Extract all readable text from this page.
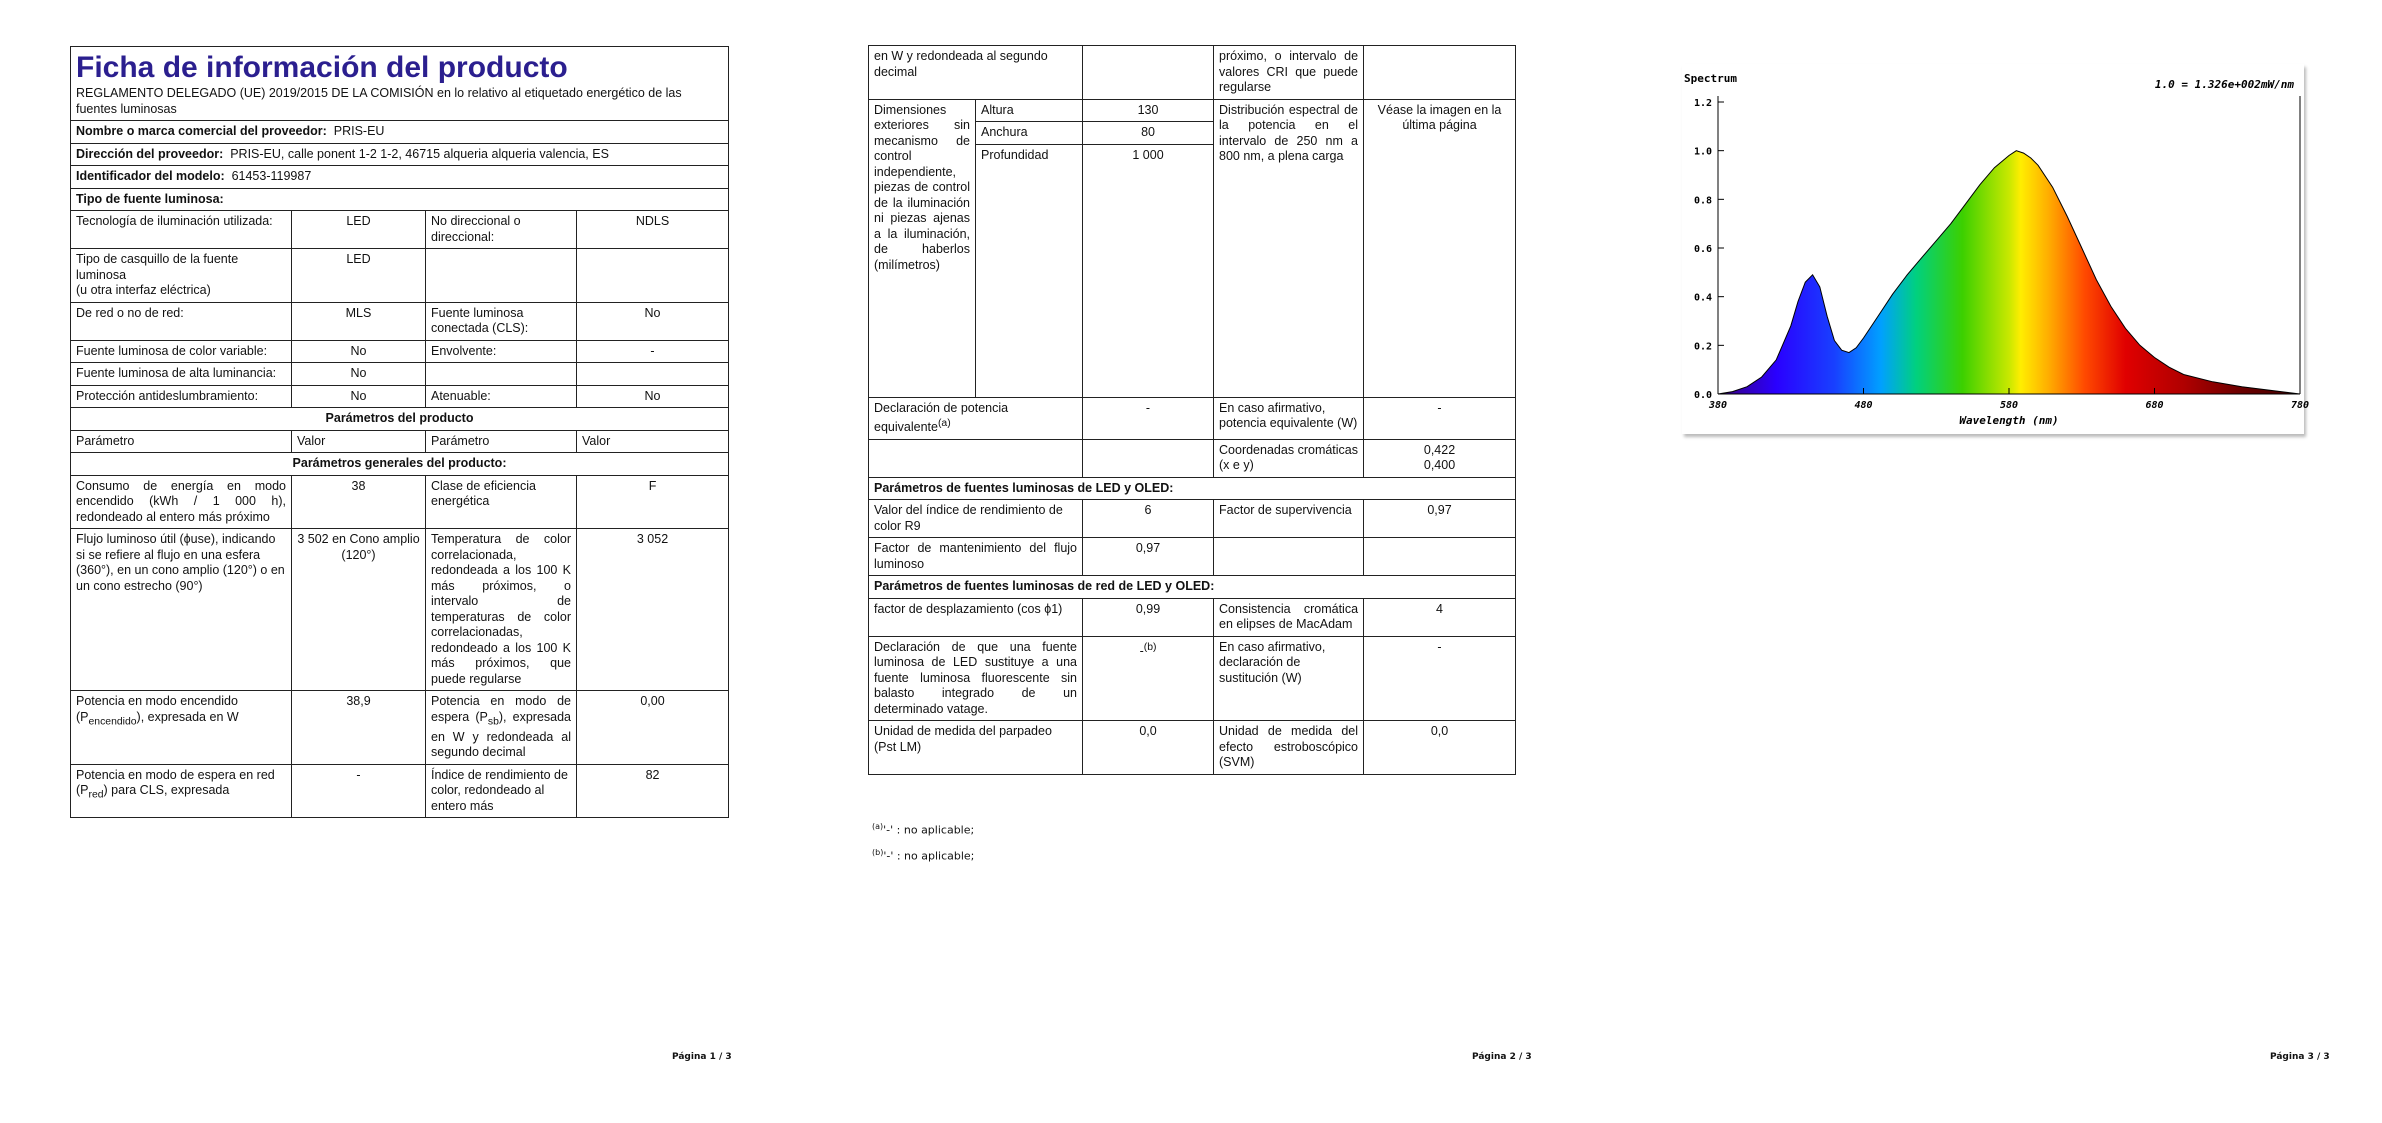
Ficha de información del producto
REGLAMENTO DELEGADO (UE) 2019/2015 DE LA COMISIÓN en lo relativo al etiquetado energético de las fuentes luminosas			

Nombre o marca comercial del proveedor: PRIS-EU			
Dirección del proveedor: PRIS-EU, calle ponent 1-2 1-2, 46715 alqueria alqueria valencia, ES			
Identificador del modelo: 61453-119987			
Tipo de fuente luminosa:			
Tecnología de iluminación utilizada:	LED	No direccional o direccional:	NDLS
Tipo de casquillo de la fuente luminosa
(u otra interfaz eléctrica)	LED		
De red o no de red:	MLS	Fuente luminosa conectada (CLS):	No
Fuente luminosa de color variable:	No	Envolvente:	-
Fuente luminosa de alta luminancia:	No		
Protección antideslumbramiento:	No	Atenuable:	No
Parámetros del producto			
Parámetro	Valor	Parámetro	Valor
Parámetros generales del producto:			
Consumo de energía en modo encendido (kWh / 1 000 h), redondeado al entero más próximo	38	Clase de eficiencia energética	F
Flujo luminoso útil (ϕuse), indicando si se refiere al flujo en una esfera (360°), en un cono amplio (120°) o en un cono estrecho (90°)	3 502 en Cono amplio (120°)	Temperatura de color correlacionada, redondeada a los 100 K más próximos, o intervalo de temperaturas de color correlacionadas, redondeado a los 100 K más próximos, que puede regularse	3 052
Potencia en modo encendido $(P_{encendido})$, expresada en W	38,9	Potencia en modo de espera $(P_{sb})$, expresada en W y redondeada al segundo decimal	0,00
Potencia en modo de espera en red $(P_{red})$ para CLS, expresada	-	Índice de rendimiento de color, redondeado al entero más	82
Página 1 / 3
en W y redondeada al segundo decimal			próximo, o intervalo de valores CRI que puede regularse	
Dimensiones exteriores sin mecanismo de control independiente, piezas de control de la iluminación ni piezas ajenas a la iluminación, de haberlos (milímetros)	Altura	130	Distribución espectral de la potencia en el intervalo de 250 nm a 800 nm, a plena carga	Véase la imagen en la última página
	Anchura	80		
	Profundidad	1 000		
Declaración de potencia equivalente$^{(a)}$		-	En caso afirmativo, potencia equivalente (W)	-
			Coordenadas cromáticas (x e y)	0,422
0,400
Parámetros de fuentes luminosas de LED y OLED:				
Valor del índice de rendimiento de color R9		6	Factor de supervivencia	0,97
Factor de mantenimiento del flujo luminoso		0,97		
Parámetros de fuentes luminosas de red de LED y OLED:				
factor de desplazamiento (cos ϕ1)		0,99	Consistencia cromática en elipses de MacAdam	4
Declaración de que una fuente luminosa de LED sustituye a una fuente luminosa fluorescente sin balasto integrado de un determinado vatage.		-$^{(b)}$	En caso afirmativo, declaración de sustitución (W)	-
Unidad de medida del parpadeo (Pst LM)		0,0	Unidad de medida del efecto estroboscópico (SVM)	0,0
$^{(a)}$'-' : no aplicable;
$^{(b)}$'-' : no aplicable;
Página 2 / 3	Página 3 / 3
Spectrum	1.0 = 1.326e+002mW/nm
0.0
0.2
0.4
0.6
0.8
1.0
1.2
380	480	580	680	780
Wavelength (nm)
